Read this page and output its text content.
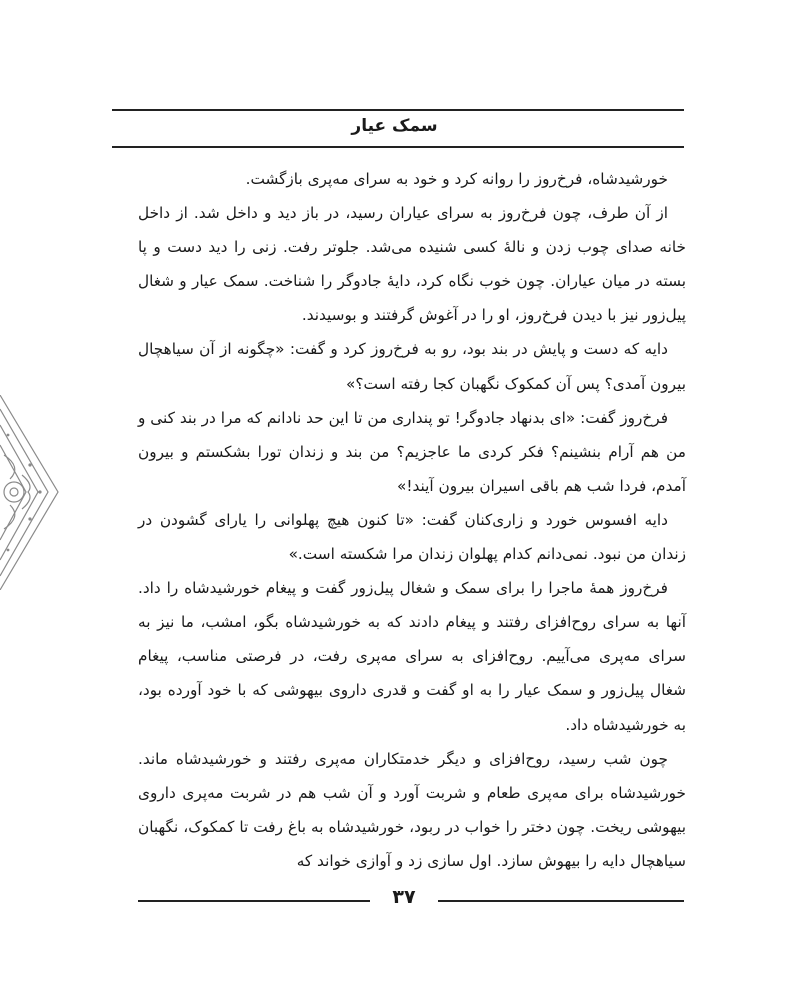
سمک عیار

خورشیدشاه، فرخ‌روز را روانه کرد و خود به سرای مه‌پری بازگشت.

از آن طرف، چون فرخ‌روز به سرای عیاران رسید، در باز دید و داخل شد. از داخل خانه صدای چوب زدن و نالهٔ کسی شنیده می‌شد. جلوتر رفت. زنی را دید دست و پا بسته در میان عیاران. چون خوب نگاه کرد، دایهٔ جادوگر را شناخت. سمک عیار و شغال پیل‌زور نیز با دیدن فرخ‌روز، او را در آغوش گرفتند و بوسیدند.

دایه که دست و پایش در بند بود، رو به فرخ‌روز کرد و گفت: «چگونه از آن سیاهچال بیرون آمدی؟ پس آن کمکوک نگهبان کجا رفته است؟»

فرخ‌روز گفت: «ای بدنهاد جادوگر! تو پنداری من تا این حد نادانم که مرا در بند کنی و من هم آرام بنشینم؟ فکر کردی ما عاجزیم؟ من بند و زندان تورا بشکستم و بیرون آمدم، فردا شب هم باقی اسیران بیرون آیند!»

دایه افسوس خورد و زاری‌کنان گفت: «تا کنون هیچ پهلوانی را یارای گشودن در زندان من نبود. نمی‌دانم کدام پهلوان زندان مرا شکسته است.»

فرخ‌روز همهٔ ماجرا را برای سمک و شغال پیل‌زور گفت و پیغام خورشیدشاه را داد. آنها به سرای روح‌افزای رفتند و پیغام دادند که به خورشیدشاه بگو، امشب، ما نیز به سرای مه‌پری می‌آییم. روح‌افزای به سرای مه‌پری رفت، در فرصتی مناسب، پیغام شغال پیل‌زور و سمک عیار را به او گفت و قدری داروی بیهوشی که با خود آورده بود، به خورشیدشاه داد.

چون شب رسید، روح‌افزای و دیگر خدمتکاران مه‌پری رفتند و خورشیدشاه ماند. خورشیدشاه برای مه‌پری طعام و شربت آورد و آن شب هم در شربت مه‌پری داروی بیهوشی ریخت. چون دختر را خواب در ربود، خورشیدشاه به باغ رفت تا کمکوک، نگهبان سیاهچال دایه را بیهوش سازد. اول سازی زد و آوازی خواند که

۳۷
